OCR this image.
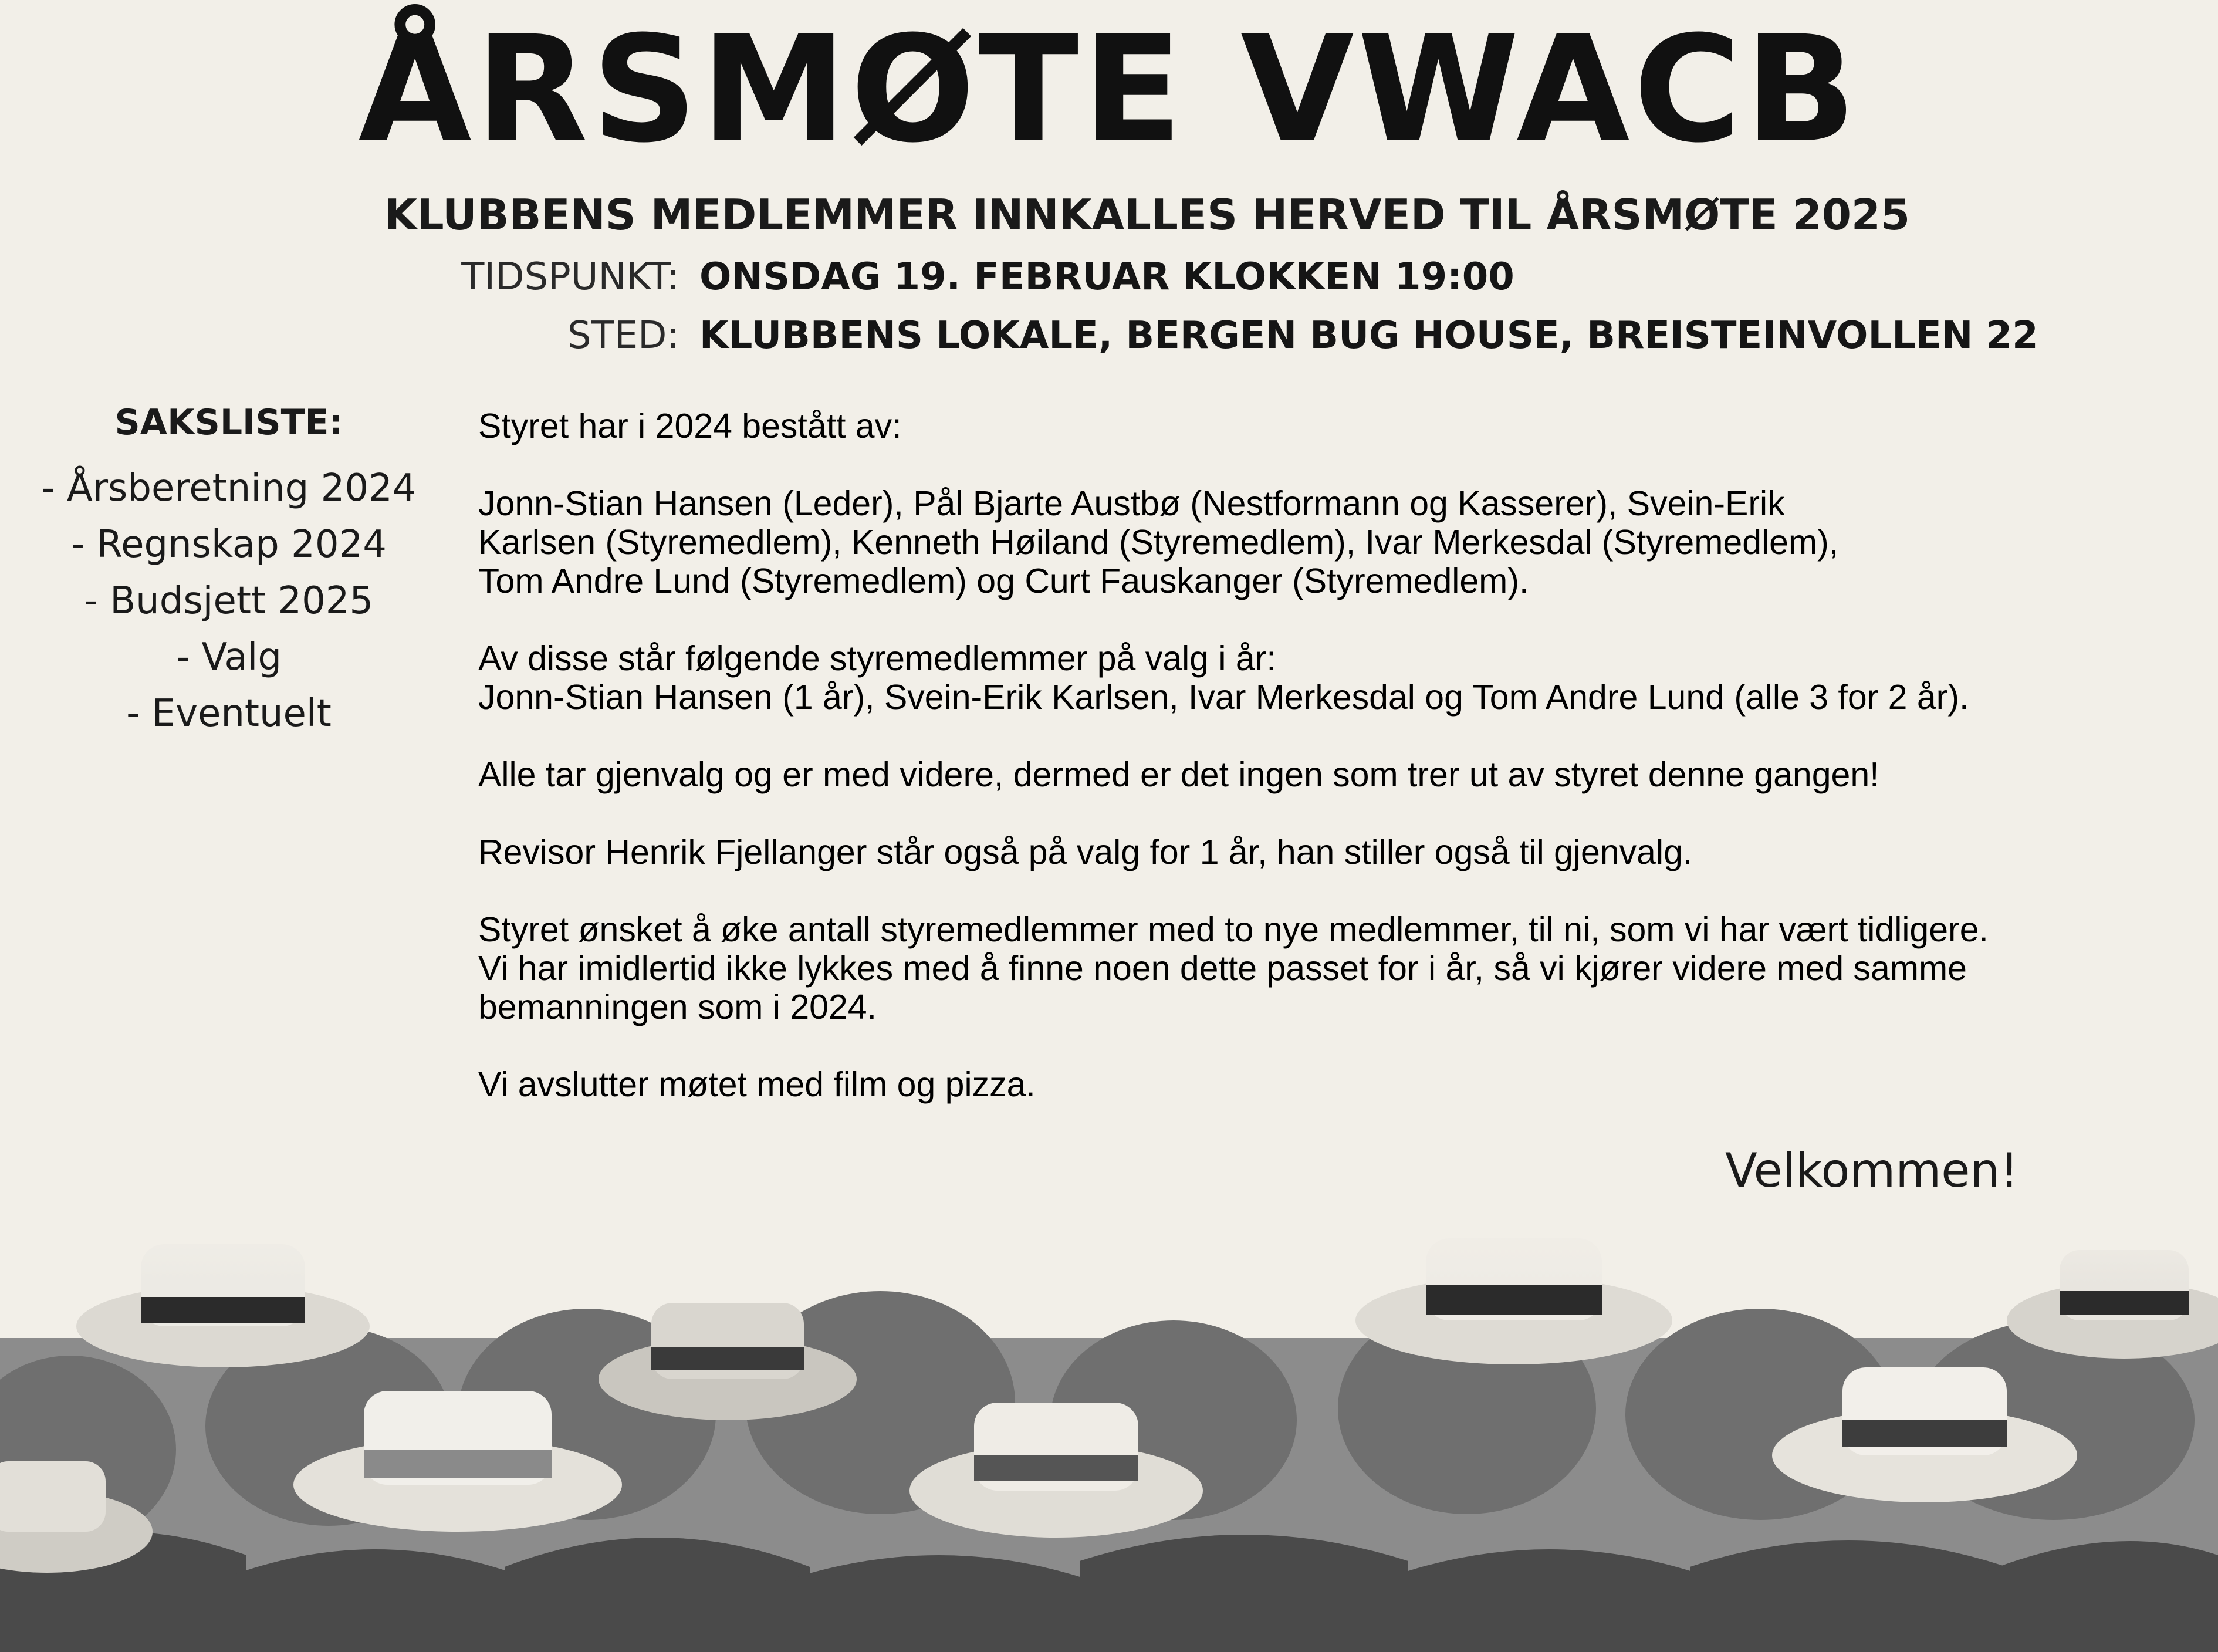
ÅRSMØTE VWACB
KLUBBENS MEDLEMMER INNKALLES HERVED TIL ÅRSMØTE 2025
TIDSPUNKT: ONSDAG 19. FEBRUAR KLOKKEN 19:00
STED: KLUBBENS LOKALE, BERGEN BUG HOUSE, BREISTEINVOLLEN 22
SAKSLISTE:
- Årsberetning 2024
- Regnskap 2024
- Budsjett 2025
- Valg
- Eventuelt

Styret har i 2024 bestått av:

Jonn-Stian Hansen (Leder), Pål Bjarte Austbø (Nestformann og Kasserer), Svein-Erik
Karlsen (Styremedlem), Kenneth Høiland (Styremedlem), Ivar Merkesdal (Styremedlem),
Tom Andre Lund (Styremedlem) og Curt Fauskanger (Styremedlem).

Av disse står følgende styremedlemmer på valg i år:
Jonn-Stian Hansen (1 år), Svein-Erik Karlsen, Ivar Merkesdal og Tom Andre Lund (alle 3 for 2 år).

Alle tar gjenvalg og er med videre, dermed er det ingen som trer ut av styret denne gangen!

Revisor Henrik Fjellanger står også på valg for 1 år, han stiller også til gjenvalg.

Styret ønsket å øke antall styremedlemmer med to nye medlemmer, til ni, som vi har vært tidligere.
Vi har imidlertid ikke lykkes med å finne noen dette passet for i år, så vi kjører videre med samme
bemanningen som i 2024.

Vi avslutter møtet med film og pizza.

Velkommen!
